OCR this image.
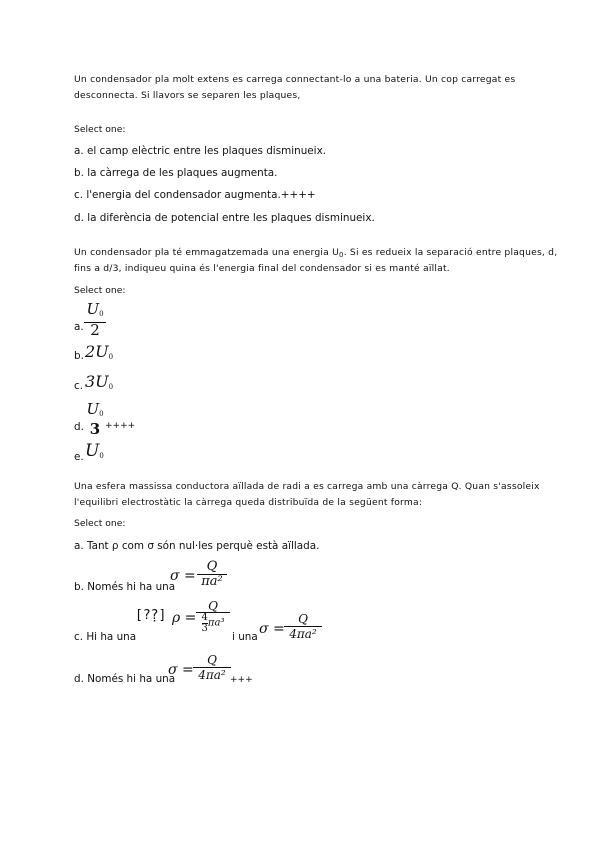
Un condensador pla molt extens es carrega connectant-lo a una bateria. Un cop carregat es
desconnecta. Si llavors se separen les plaques,
Select one:
a. el camp elèctric entre les plaques disminueix.
b. la càrrega de les plaques augmenta.
c. l'energia del condensador augmenta.++++
d. la diferència de potencial entre les plaques disminueix.
Un condensador pla té emmagatzemada una energia $U_0$. Si es redueix la separació entre plaques, d,
fins a d/3, indiqueu quina és l'energia final del condensador si es manté aïllat.
Select one:
a. $\frac{U_0}{2}$
b. $2U_0$
c. $3U_0$
d.
$U_0$
3 ++++
e. $U_0$
Una esfera massissa conductora aïllada de radi a es carrega amb una càrrega Q. Quan s'assoleix
l'equilibri electrostàtic la càrrega queda distribuïda de la següent forma:
Select one:
a. Tant ρ com σ són nul·les perquè està aïllada.
b. Només hi ha una
$\sigma = \frac{Q}{\text{πa²}}$
c. Hi ha una
[?̣̣?] ρ =
Q
$\frac{4}{3} \pi a^3$
i una $\sigma = \frac{Q}{\text{4πa²}}$
d. Només hi ha una
$\sigma = \frac{Q}{\text{4πa²}}$ +++
